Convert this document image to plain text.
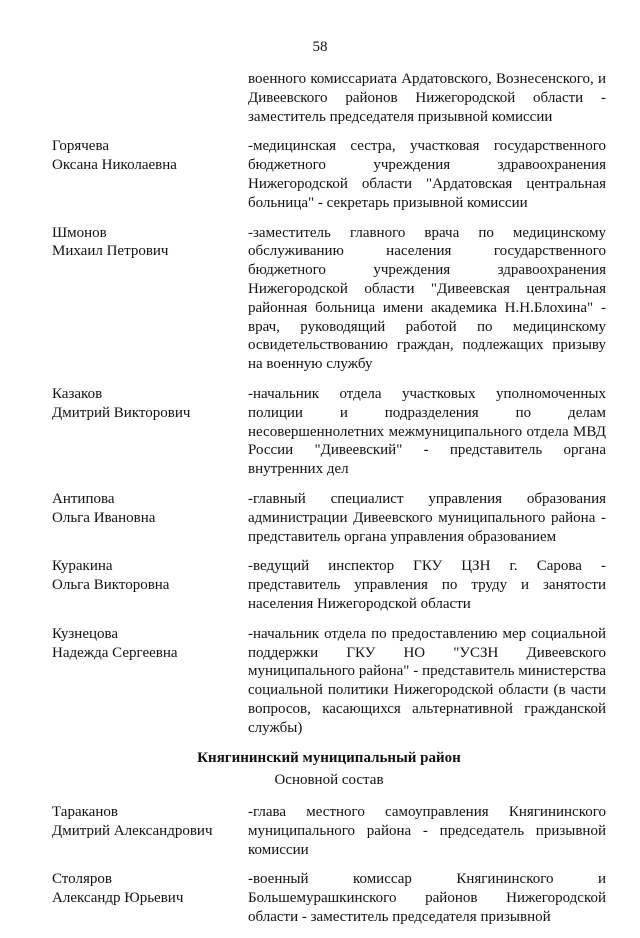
58
военного комиссариата Ардатовского, Вознесенского, и Дивеевского районов Нижегородской области - заместитель председателя призывной комиссии
Горячева
Оксана Николаевна
-медицинская сестра, участковая государственного бюджетного учреждения здравоохранения Нижегородской области "Ардатовская центральная больница" - секретарь призывной комиссии
Шмонов
Михаил Петрович
-заместитель главного врача по медицинскому обслуживанию населения государственного бюджетного учреждения здравоохранения Нижегородской области "Дивеевская центральная районная больница имени академика Н.Н.Блохина" - врач, руководящий работой по медицинскому освидетельствованию граждан, подлежащих призыву на военную службу
Казаков
Дмитрий Викторович
-начальник отдела участковых уполномоченных полиции и подразделения по делам несовершеннолетних межмуниципального отдела МВД России "Дивеевский" - представитель органа внутренних дел
Антипова
Ольга Ивановна
-главный специалист управления образования администрации Дивеевского муниципального района - представитель органа управления образованием
Куракина
Ольга Викторовна
-ведущий инспектор ГКУ ЦЗН г. Сарова - представитель управления по труду и занятости населения Нижегородской области
Кузнецова
Надежда Сергеевна
-начальник отдела по предоставлению мер социальной поддержки ГКУ НО "УСЗН Дивеевского муниципального района" - представитель министерства социальной политики Нижегородской области (в части вопросов, касающихся альтернативной гражданской службы)
Княгининский муниципальный район
Основной состав
Тараканов
Дмитрий Александрович
-глава местного самоуправления Княгининского муниципального района - председатель призывной комиссии
Столяров
Александр Юрьевич
-военный комиссар Княгининского и Большемурашкинского районов Нижегородской области - заместитель председателя призывной
